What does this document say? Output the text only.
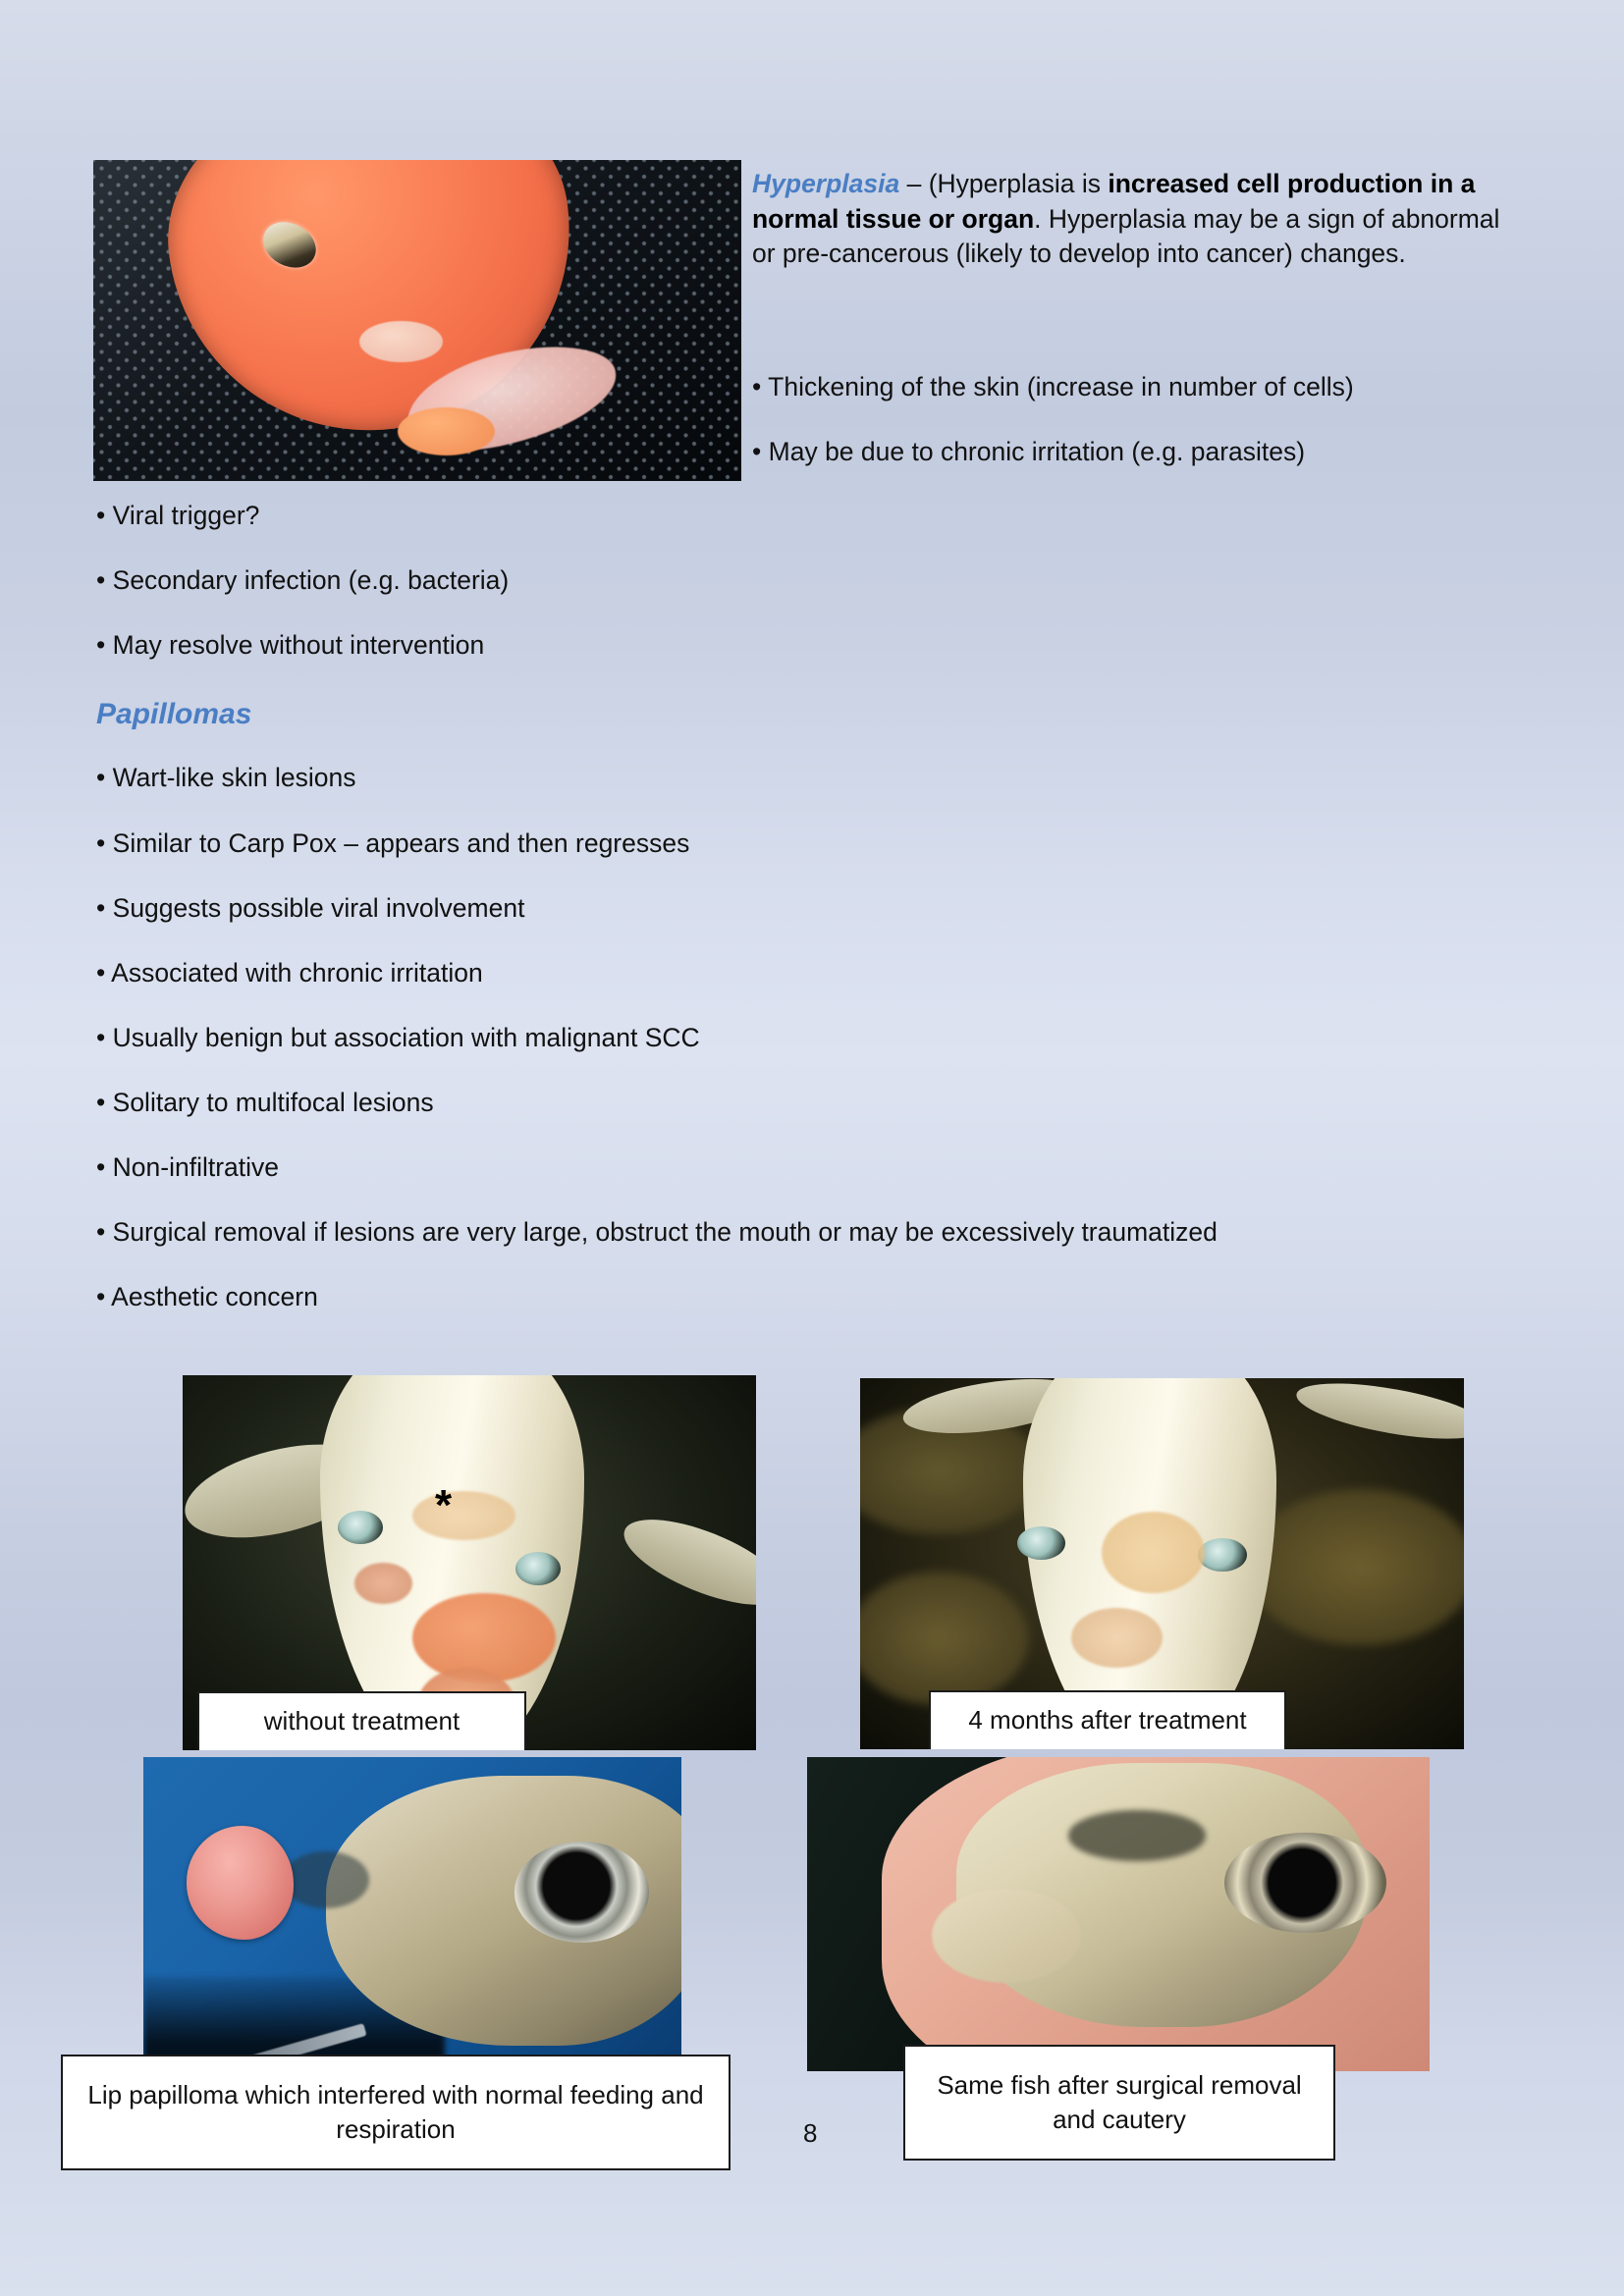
Hyperplasia – (Hyperplasia is increased cell production in a normal tissue or organ. Hyperplasia may be a sign of abnormal or pre-cancerous (likely to develop into cancer) changes.
• Thickening of the skin (increase in number of cells)
• May be due to chronic irritation (e.g. parasites)
• Viral trigger?
• Secondary infection (e.g. bacteria)
• May resolve without intervention
Papillomas
• Wart-like skin lesions
• Similar to Carp Pox – appears and then regresses
• Suggests possible viral involvement
• Associated with chronic irritation
• Usually benign but association with malignant SCC
• Solitary to multifocal lesions
• Non-infiltrative
• Surgical removal if lesions are very large, obstruct the mouth or may be excessively traumatized
• Aesthetic concern
*
without treatment	4 months after treatment
Lip papilloma which interfered with normal feeding and respiration
Same fish after surgical removal and cautery
8
